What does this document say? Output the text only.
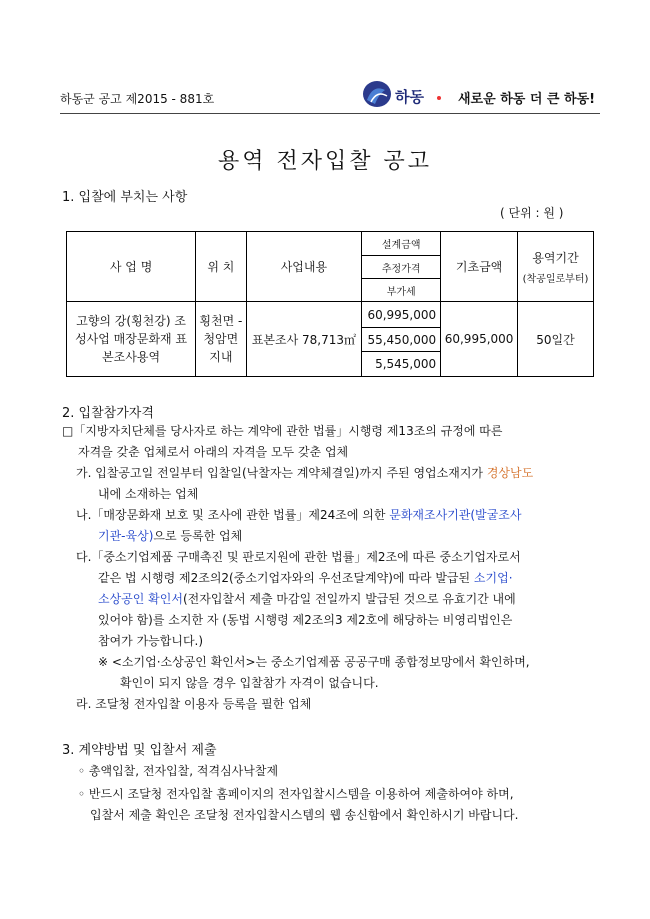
하동군 공고 제2015 - 881호	하동	새로운 하동 더 큰 하동!
용역 전자입찰 공고
1. 입찰에 부치는 사항
( 단위 : 원 )
사 업 명	위 치	사업내용	설계금액	기초금액	용역기간
(착공일로부터)

			추정가격		
			부가세		
고향의 강(횡천강) 조성사업 매장문화재 표본조사용역	횡천면 - 청암면 지내	표본조사 78,713㎡	60,995,000	60,995,000	50일간
			55,450,000		
			5,545,000		
2. 입찰참가자격
□「지방자치단체를 당사자로 하는 계약에 관한 법률」시행령 제13조의 규정에 따른
자격을 갖춘 업체로서 아래의 자격을 모두 갖춘 업체
가. 입찰공고일 전일부터 입찰일(낙찰자는 계약체결일)까지 주된 영업소재지가 경상남도
내에 소재하는 업체
나.「매장문화재 보호 및 조사에 관한 법률」제24조에 의한 문화재조사기관(발굴조사
기관-육상)으로 등록한 업체
다.「중소기업제품 구매촉진 및 판로지원에 관한 법률」제2조에 따른 중소기업자로서
같은 법 시행령 제2조의2(중소기업자와의 우선조달계약)에 따라 발급된 소기업·
소상공인 확인서(전자입찰서 제출 마감일 전일까지 발급된 것으로 유효기간 내에
있어야 함)를 소지한 자 (동법 시행령 제2조의3 제2호에 해당하는 비영리법인은
참여가 가능합니다.)
※ <소기업·소상공인 확인서>는 중소기업제품 공공구매 종합정보망에서 확인하며,
확인이 되지 않을 경우 입찰참가 자격이 없습니다.
라. 조달청 전자입찰 이용자 등록을 필한 업체
3. 계약방법 및 입찰서 제출
◦ 총액입찰, 전자입찰, 적격심사낙찰제
◦ 반드시 조달청 전자입찰 홈페이지의 전자입찰시스템을 이용하여 제출하여야 하며,
입찰서 제출 확인은 조달청 전자입찰시스템의 웹 송신함에서 확인하시기 바랍니다.
